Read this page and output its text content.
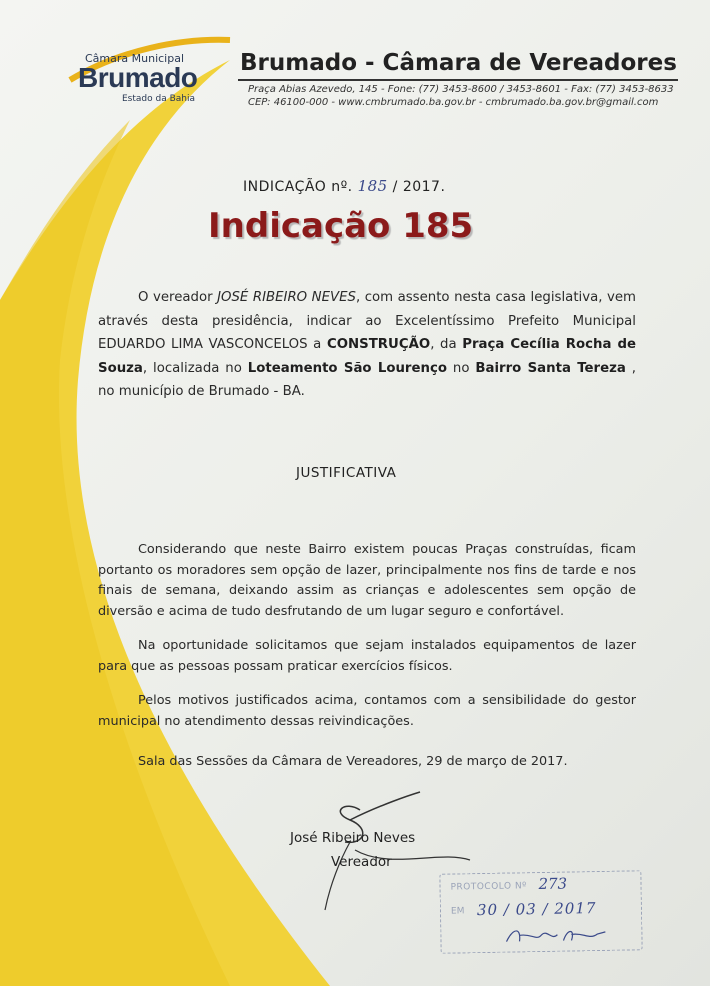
Câmara Municipal
Brumado
Estado da Bahia
Brumado - Câmara de Vereadores
Praça Abias Azevedo, 145 - Fone: (77) 3453-8600 / 3453-8601 - Fax: (77) 3453-8633
CEP: 46100-000 - www.cmbrumado.ba.gov.br - cmbrumado.ba.gov.br@gmail.com
INDICAÇÃO nº. 185 / 2017.
Indicação 185

O vereador JOSÉ RIBEIRO NEVES, com assento nesta casa legislativa, vem através desta presidência, indicar ao Excelentíssimo Prefeito Municipal EDUARDO LIMA VASCONCELOS a CONSTRUÇÃO, da Praça Cecília Rocha de Souza, localizada no Loteamento São Lourenço no Bairro Santa Tereza , no município de Brumado - BA.

JUSTIFICATIVA

Considerando que neste Bairro existem poucas Praças construídas, ficam portanto os moradores sem opção de lazer, principalmente nos fins de tarde e nos finais de semana, deixando assim as crianças e adolescentes sem opção de diversão e acima de tudo desfrutando de um lugar seguro e confortável.

Na oportunidade solicitamos que sejam instalados equipamentos de lazer para que as pessoas possam praticar exercícios físicos.

Pelos motivos justificados acima, contamos com a sensibilidade do gestor municipal no atendimento dessas reivindicações.

Sala das Sessões da Câmara de Vereadores, 29 de março de 2017.

José Ribeiro Neves
Vereador
PROTOCOLO Nº 273
EM 30 / 03 / 2017
